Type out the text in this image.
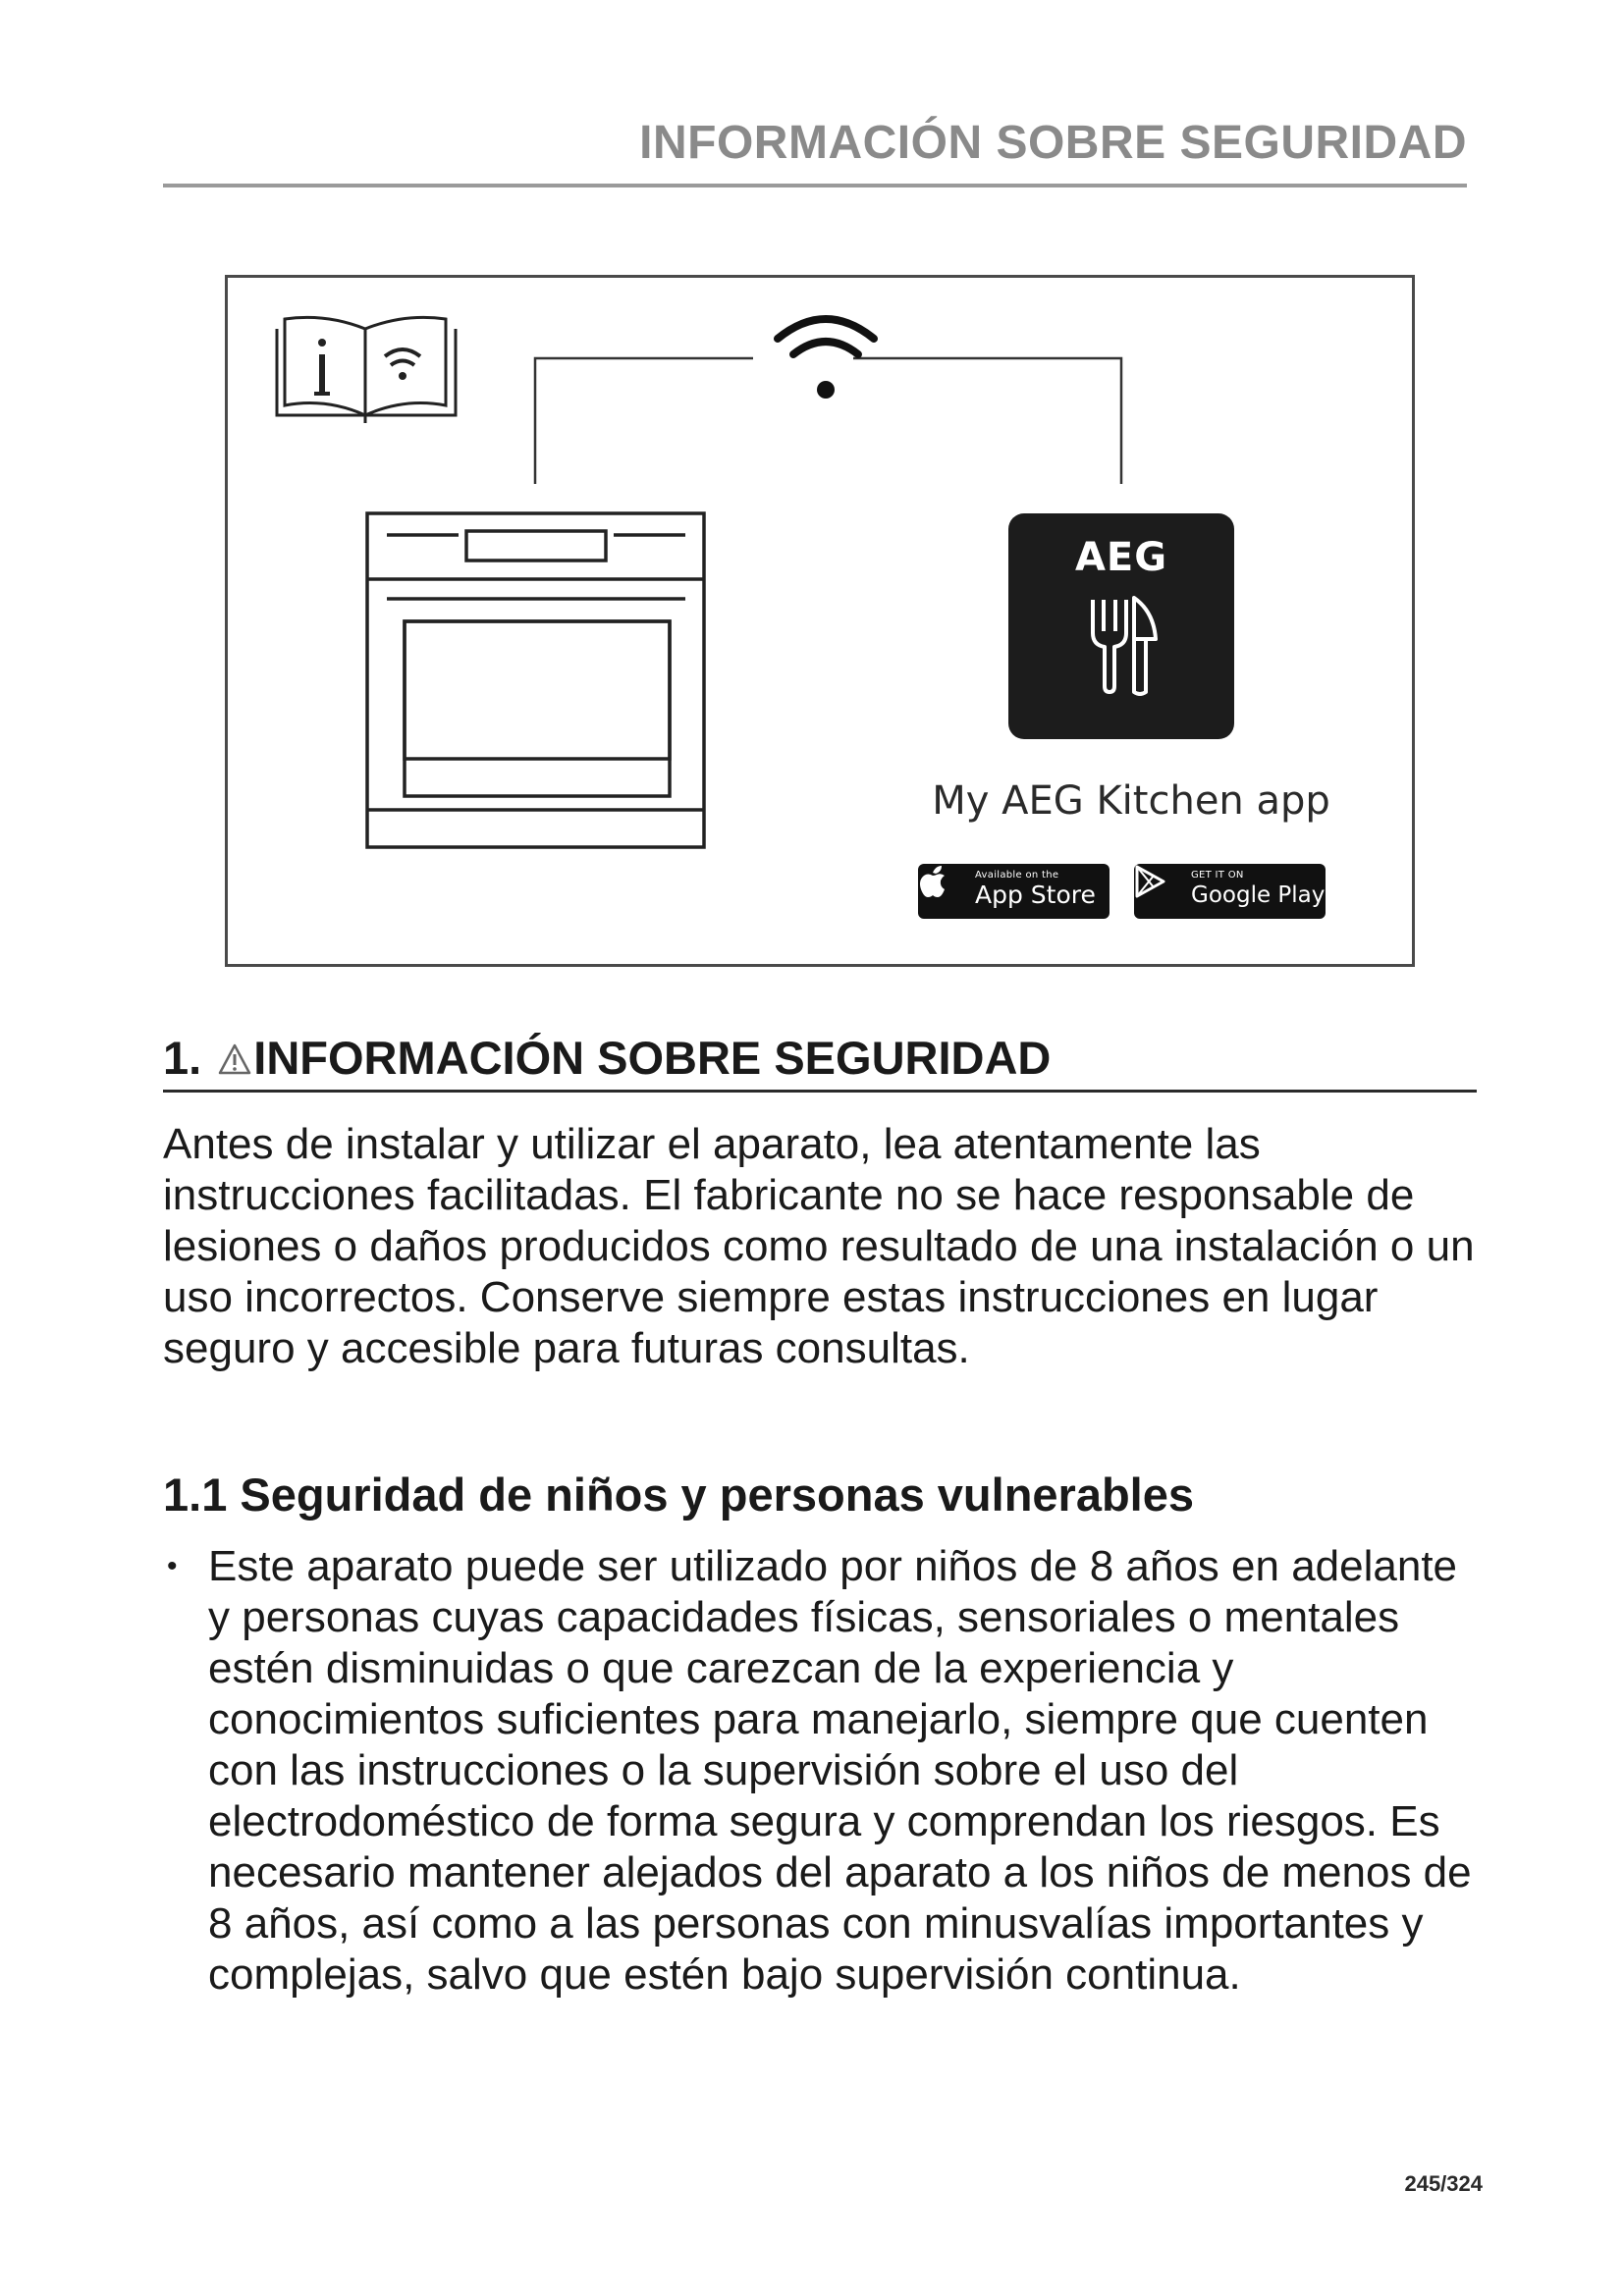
INFORMACIÓN SOBRE SEGURIDAD
AEG
My AEG Kitchen app
Available on the
App Store
GET IT ON
Google Play
1. INFORMACIÓN SOBRE SEGURIDAD

Antes de instalar y utilizar el aparato, lea atentamente las instrucciones facilitadas. El fabricante no se hace responsable de lesiones o daños producidos como resultado de una instalación o un uso incorrectos. Conserve siempre estas instrucciones en lugar seguro y accesible para futuras consultas.

1.1 Seguridad de niños y personas vulnerables
• Este aparato puede ser utilizado por niños de 8 años en adelante y personas cuyas capacidades físicas, sensoriales o mentales estén disminuidas o que carezcan de la experiencia y conocimientos suficientes para manejarlo, siempre que cuenten con las instrucciones o la supervisión sobre el uso del electrodoméstico de forma segura y comprendan los riesgos. Es necesario mantener alejados del aparato a los niños de menos de 8 años, así como a las personas con minusvalías importantes y complejas, salvo que estén bajo supervisión continua.
245/324
